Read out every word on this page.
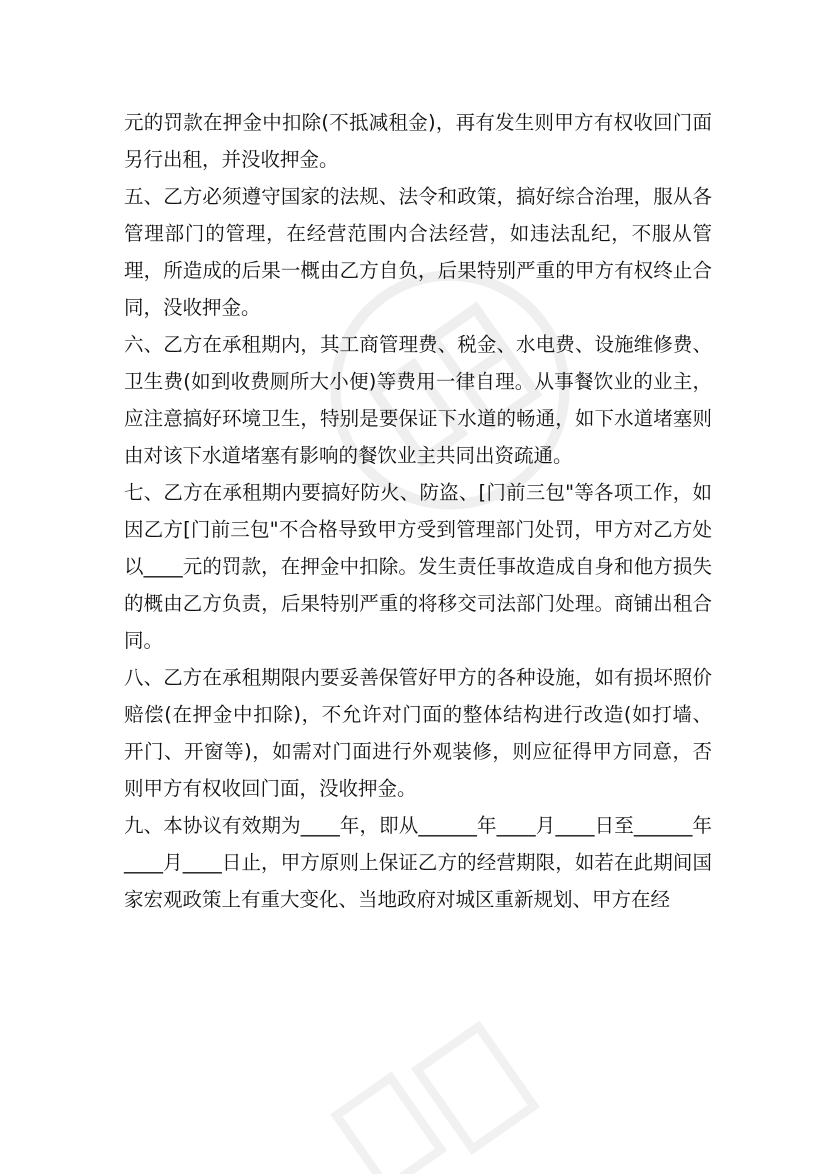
元的罚款在押金中扣除(不抵减租金)，再有发生则甲方有权收回门面另行出租，并没收押金。

五、乙方必须遵守国家的法规、法令和政策，搞好综合治理，服从各管理部门的管理，在经营范围内合法经营，如违法乱纪，不服从管理，所造成的后果一概由乙方自负，后果特别严重的甲方有权终止合同，没收押金。

六、乙方在承租期内，其工商管理费、税金、水电费、设施维修费、卫生费(如到收费厕所大小便)等费用一律自理。从事餐饮业的业主，应注意搞好环境卫生，特别是要保证下水道的畅通，如下水道堵塞则由对该下水道堵塞有影响的餐饮业主共同出资疏通。

七、乙方在承租期内要搞好防火、防盗、[门前三包"等各项工作，如因乙方[门前三包"不合格导致甲方受到管理部门处罚，甲方对乙方处以____元的罚款，在押金中扣除。发生责任事故造成自身和他方损失的概由乙方负责，后果特别严重的将移交司法部门处理。商铺出租合同。

八、乙方在承租期限内要妥善保管好甲方的各种设施，如有损坏照价赔偿(在押金中扣除)，不允许对门面的整体结构进行改造(如打墙、开门、开窗等)，如需对门面进行外观装修，则应征得甲方同意，否则甲方有权收回门面，没收押金。

九、本协议有效期为____年，即从______年____月____日至______年____月____日止，甲方原则上保证乙方的经营期限，如若在此期间国家宏观政策上有重大变化、当地政府对城区重新规划、甲方在经
